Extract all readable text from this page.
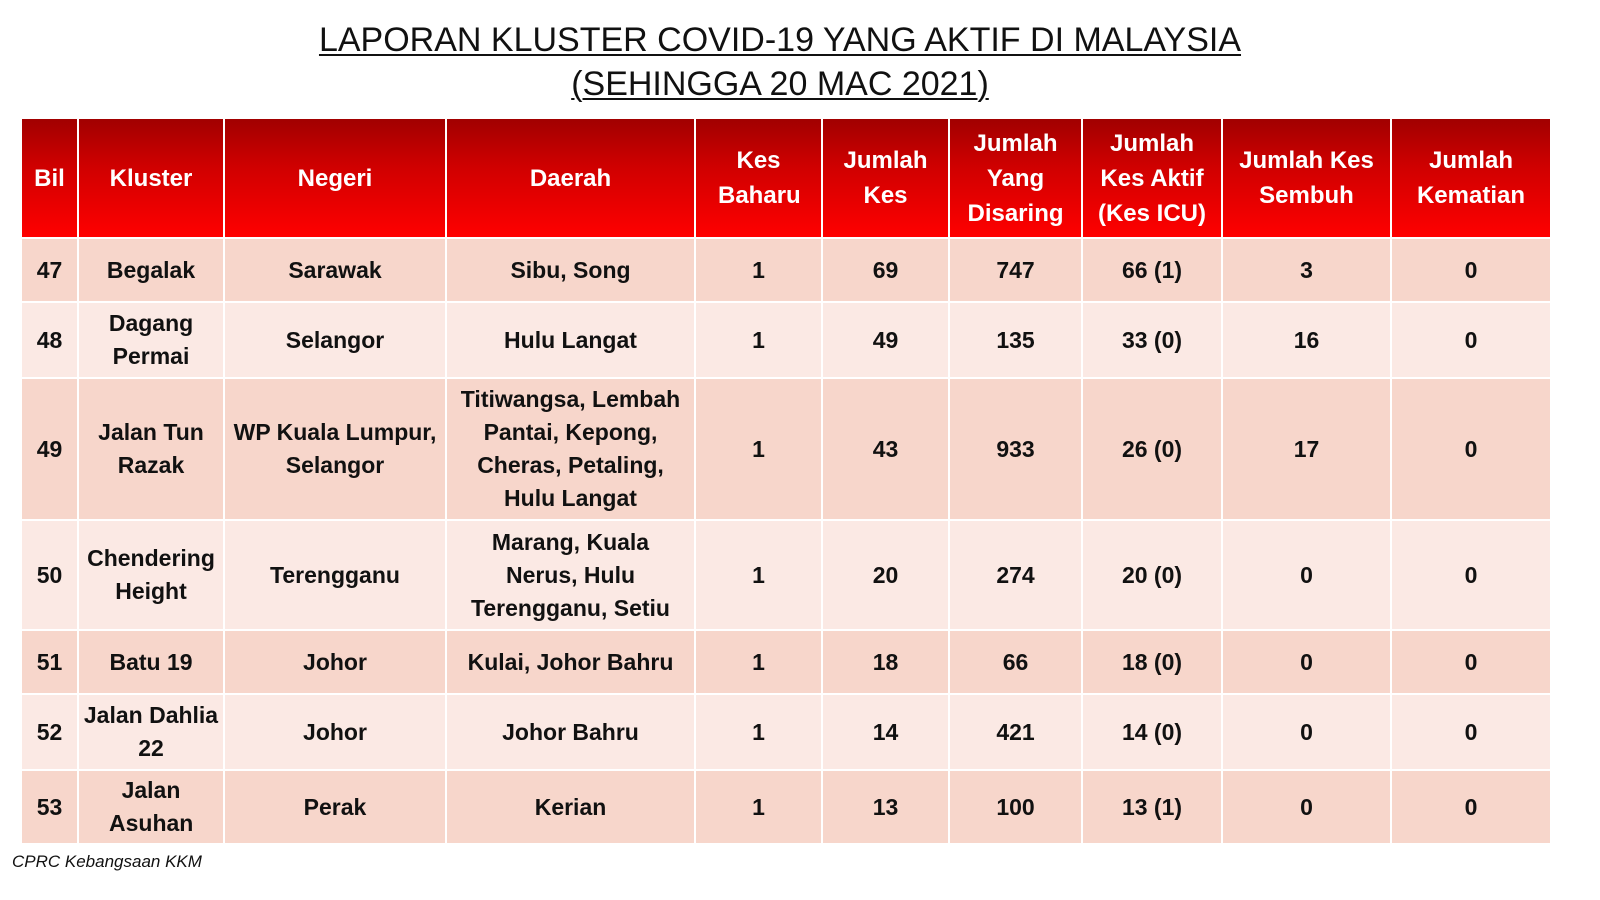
LAPORAN KLUSTER COVID-19 YANG AKTIF DI MALAYSIA
(SEHINGGA 20 MAC 2021)
Bil	Kluster	Negeri	Daerah	Kes Baharu	Jumlah Kes	Jumlah Yang Disaring	Jumlah Kes Aktif (Kes ICU)	Jumlah Kes Sembuh	Jumlah Kematian
47	Begalak	Sarawak	Sibu, Song	1	69	747	66 (1)	3	0
48	Dagang Permai	Selangor	Hulu Langat	1	49	135	33 (0)	16	0
49	Jalan Tun Razak	WP Kuala Lumpur, Selangor	Titiwangsa, Lembah Pantai, Kepong, Cheras, Petaling, Hulu Langat	1	43	933	26 (0)	17	0
50	Chendering Height	Terengganu	Marang, Kuala Nerus, Hulu Terengganu, Setiu	1	20	274	20 (0)	0	0
51	Batu 19	Johor	Kulai, Johor Bahru	1	18	66	18 (0)	0	0
52	Jalan Dahlia 22	Johor	Johor Bahru	1	14	421	14 (0)	0	0
53	Jalan Asuhan	Perak	Kerian	1	13	100	13 (1)	0	0
CPRC Kebangsaan KKM
